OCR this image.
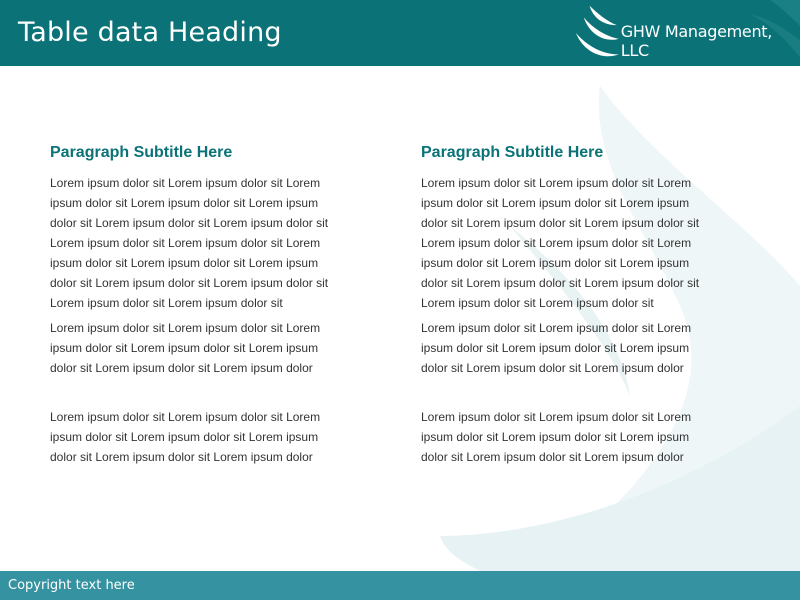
Table data Heading	GHW Management, LLC
Paragraph Subtitle Here

Lorem ipsum dolor sit Lorem ipsum dolor sit Lorem ipsum dolor sit Lorem ipsum dolor sit Lorem ipsum dolor sit Lorem ipsum dolor sit Lorem ipsum dolor sit Lorem ipsum dolor sit Lorem ipsum dolor sit Lorem ipsum dolor sit Lorem ipsum dolor sit Lorem ipsum dolor sit Lorem ipsum dolor sit Lorem ipsum dolor sit Lorem ipsum dolor sit Lorem ipsum dolor sit

Lorem ipsum dolor sit Lorem ipsum dolor sit Lorem ipsum dolor sit Lorem ipsum dolor sit Lorem ipsum dolor sit Lorem ipsum dolor sit Lorem ipsum dolor

Lorem ipsum dolor sit Lorem ipsum dolor sit Lorem ipsum dolor sit Lorem ipsum dolor sit Lorem ipsum dolor sit Lorem ipsum dolor sit Lorem ipsum dolor

Paragraph Subtitle Here

Lorem ipsum dolor sit Lorem ipsum dolor sit Lorem ipsum dolor sit Lorem ipsum dolor sit Lorem ipsum dolor sit Lorem ipsum dolor sit Lorem ipsum dolor sit Lorem ipsum dolor sit Lorem ipsum dolor sit Lorem ipsum dolor sit Lorem ipsum dolor sit Lorem ipsum dolor sit Lorem ipsum dolor sit Lorem ipsum dolor sit Lorem ipsum dolor sit Lorem ipsum dolor sit

Lorem ipsum dolor sit Lorem ipsum dolor sit Lorem ipsum dolor sit Lorem ipsum dolor sit Lorem ipsum dolor sit Lorem ipsum dolor sit Lorem ipsum dolor

Lorem ipsum dolor sit Lorem ipsum dolor sit Lorem ipsum dolor sit Lorem ipsum dolor sit Lorem ipsum dolor sit Lorem ipsum dolor sit Lorem ipsum dolor

Copyright text here
